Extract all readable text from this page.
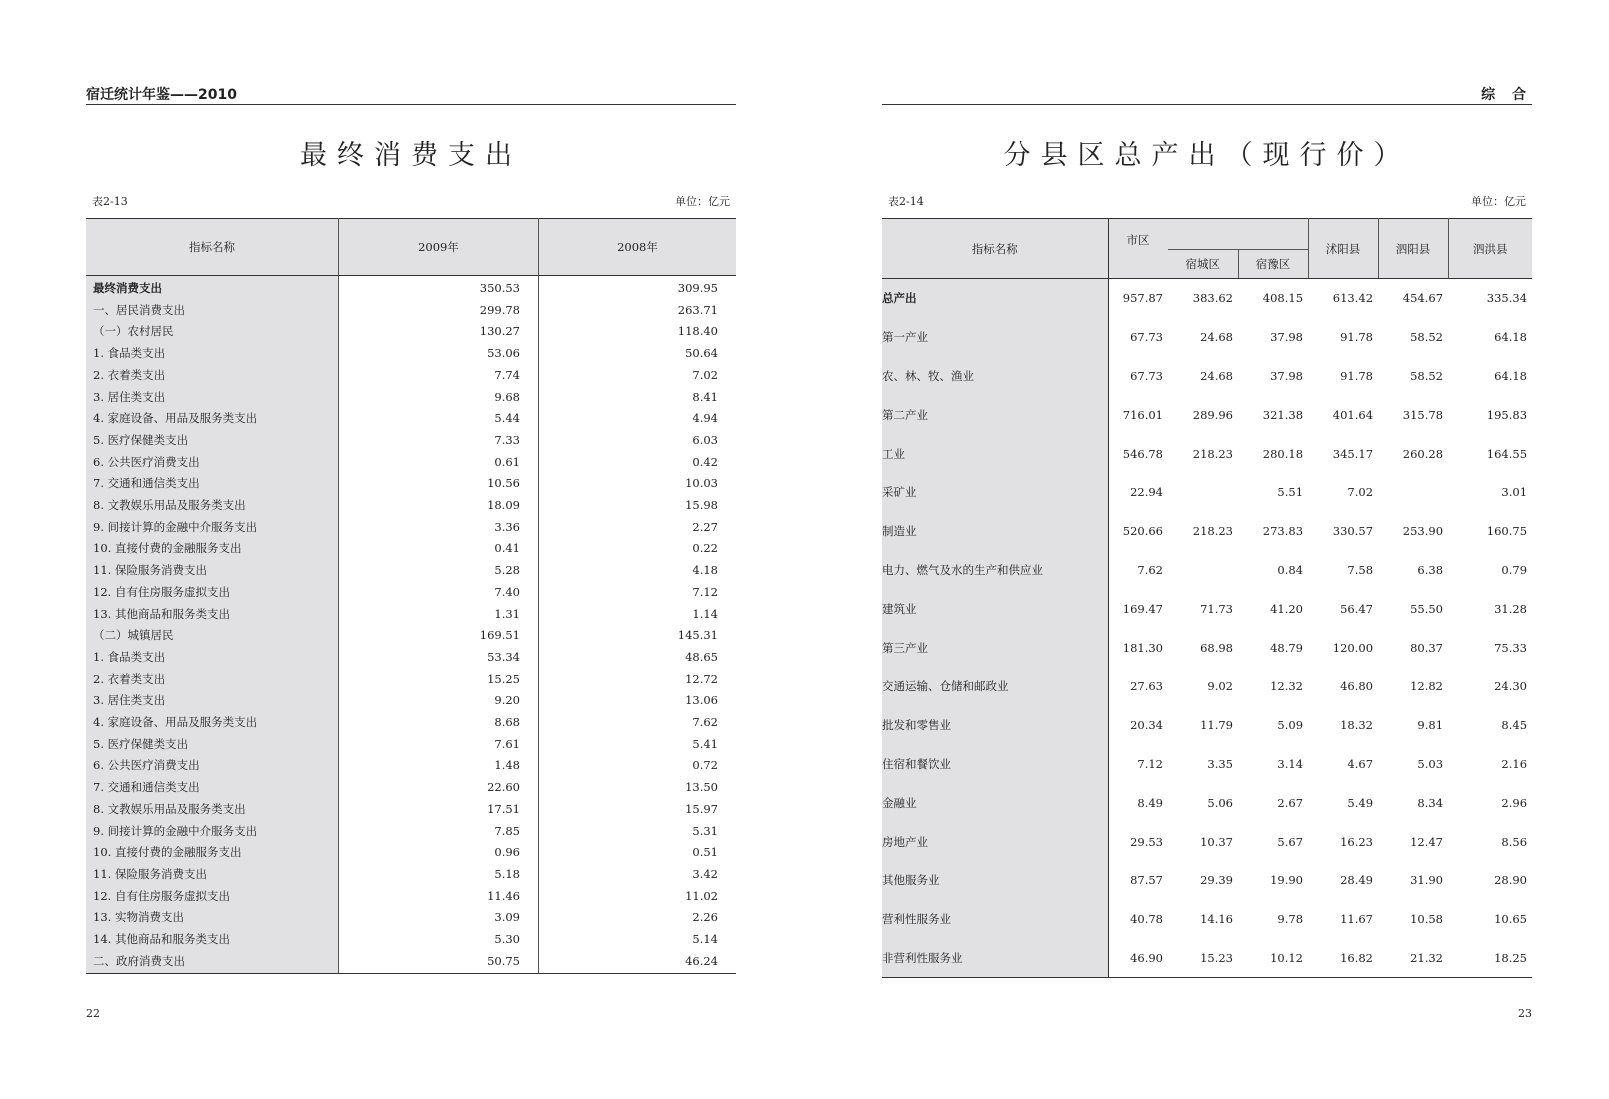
宿迁统计年鉴——2010
最终消费支出
表2-13	单位：亿元
指标名称	2009年	2008年
最终消费支出	350.53	309.95
一、居民消费支出	299.78	263.71
（一）农村居民	130.27	118.40
1. 食品类支出	53.06	50.64
2. 衣着类支出	7.74	7.02
3. 居住类支出	9.68	8.41
4. 家庭设备、用品及服务类支出	5.44	4.94
5. 医疗保健类支出	7.33	6.03
6. 公共医疗消费支出	0.61	0.42
7. 交通和通信类支出	10.56	10.03
8. 文教娱乐用品及服务类支出	18.09	15.98
9. 间接计算的金融中介服务支出	3.36	2.27
10. 直接付费的金融服务支出	0.41	0.22
11. 保险服务消费支出	5.28	4.18
12. 自有住房服务虚拟支出	7.40	7.12
13. 其他商品和服务类支出	1.31	1.14
（二）城镇居民	169.51	145.31
1. 食品类支出	53.34	48.65
2. 衣着类支出	15.25	12.72
3. 居住类支出	9.20	13.06
4. 家庭设备、用品及服务类支出	8.68	7.62
5. 医疗保健类支出	7.61	5.41
6. 公共医疗消费支出	1.48	0.72
7. 交通和通信类支出	22.60	13.50
8. 文教娱乐用品及服务类支出	17.51	15.97
9. 间接计算的金融中介服务支出	7.85	5.31
10. 直接付费的金融服务支出	0.96	0.51
11. 保险服务消费支出	5.18	3.42
12. 自有住房服务虚拟支出	11.46	11.02
13. 实物消费支出	3.09	2.26
14. 其他商品和服务类支出	5.30	5.14
二、政府消费支出	50.75	46.24
22
综 合
分县区总产出（现行价）
表2-14	单位：亿元
指标名称	市区			沭阳县	泗阳县	泗洪县
		宿城区	宿豫区			
总产出	957.87	383.62	408.15	613.42	454.67	335.34
第一产业	67.73	24.68	37.98	91.78	58.52	64.18
农、林、牧、渔业	67.73	24.68	37.98	91.78	58.52	64.18
第二产业	716.01	289.96	321.38	401.64	315.78	195.83
工业	546.78	218.23	280.18	345.17	260.28	164.55
采矿业	22.94		5.51	7.02		3.01
制造业	520.66	218.23	273.83	330.57	253.90	160.75
电力、燃气及水的生产和供应业	7.62		0.84	7.58	6.38	0.79
建筑业	169.47	71.73	41.20	56.47	55.50	31.28
第三产业	181.30	68.98	48.79	120.00	80.37	75.33
交通运输、仓储和邮政业	27.63	9.02	12.32	46.80	12.82	24.30
批发和零售业	20.34	11.79	5.09	18.32	9.81	8.45
住宿和餐饮业	7.12	3.35	3.14	4.67	5.03	2.16
金融业	8.49	5.06	2.67	5.49	8.34	2.96
房地产业	29.53	10.37	5.67	16.23	12.47	8.56
其他服务业	87.57	29.39	19.90	28.49	31.90	28.90
营利性服务业	40.78	14.16	9.78	11.67	10.58	10.65
非营利性服务业	46.90	15.23	10.12	16.82	21.32	18.25
23
